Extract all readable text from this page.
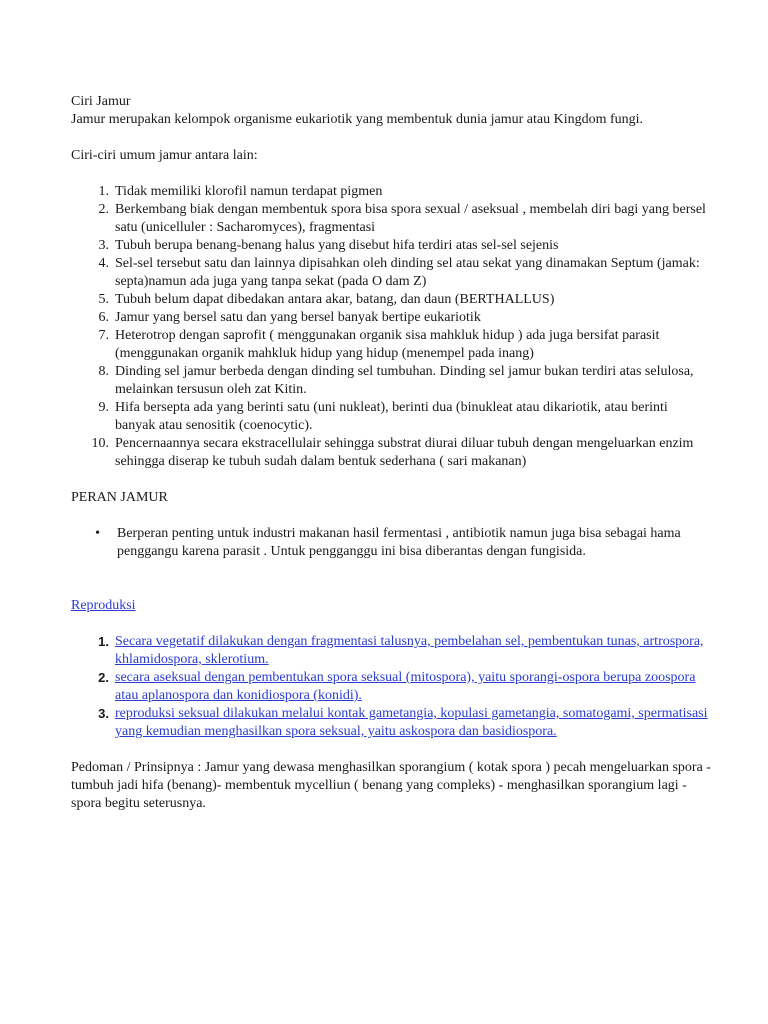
Ciri Jamur

Jamur merupakan kelompok organisme eukariotik yang membentuk dunia jamur atau Kingdom fungi.

Ciri-ciri umum jamur antara lain:

1. Tidak memiliki klorofil namun terdapat pigmen
2. Berkembang biak dengan membentuk spora bisa spora sexual / aseksual , membelah diri bagi yang bersel satu (unicelluler : Sacharomyces), fragmentasi
3. Tubuh berupa benang-benang halus yang disebut hifa terdiri atas sel-sel sejenis
4. Sel-sel tersebut satu dan lainnya dipisahkan oleh dinding sel atau sekat yang dinamakan Septum (jamak: septa)namun ada juga yang tanpa sekat (pada O dam Z)
5. Tubuh belum dapat dibedakan antara akar, batang, dan daun (BERTHALLUS)
6. Jamur yang bersel satu dan yang bersel banyak bertipe eukariotik
7. Heterotrop dengan saprofit ( menggunakan organik sisa mahkluk hidup ) ada juga bersifat parasit (menggunakan organik mahkluk hidup yang hidup (menempel pada inang)
8. Dinding sel jamur berbeda dengan dinding sel tumbuhan. Dinding sel jamur bukan terdiri atas selulosa, melainkan tersusun oleh zat Kitin.
9. Hifa bersepta ada yang berinti satu (uni nukleat), berinti dua (binukleat atau dikariotik, atau berinti banyak atau senositik (coenocytic).
10. Pencernaannya secara ekstracellulair sehingga substrat diurai diluar tubuh dengan mengeluarkan enzim sehingga diserap ke tubuh sudah dalam bentuk sederhana ( sari makanan)

PERAN JAMUR

•	Berperan penting untuk industri makanan hasil fermentasi , antibiotik namun juga bisa sebagai hama penggangu karena parasit . Untuk pengganggu ini bisa diberantas dengan fungisida.

Reproduksi

1. Secara vegetatif dilakukan dengan fragmentasi talusnya, pembelahan sel, pembentukan tunas, artrospora, khlamidospora, sklerotium.
2. secara aseksual dengan pembentukan spora seksual (mitospora), yaitu sporangi-ospora berupa zoospora atau aplanospora dan konidiospora (konidi).
3. reproduksi seksual dilakukan melalui kontak gametangia, kopulasi gametangia, somatogami, spermatisasi yang kemudian menghasilkan spora seksual, yaitu askospora dan basidiospora.

Pedoman / Prinsipnya : Jamur yang dewasa menghasilkan sporangium ( kotak spora ) pecah mengeluarkan spora - tumbuh jadi hifa (benang)- membentuk mycelliun ( benang yang compleks) - menghasilkan sporangium lagi - spora begitu seterusnya.
